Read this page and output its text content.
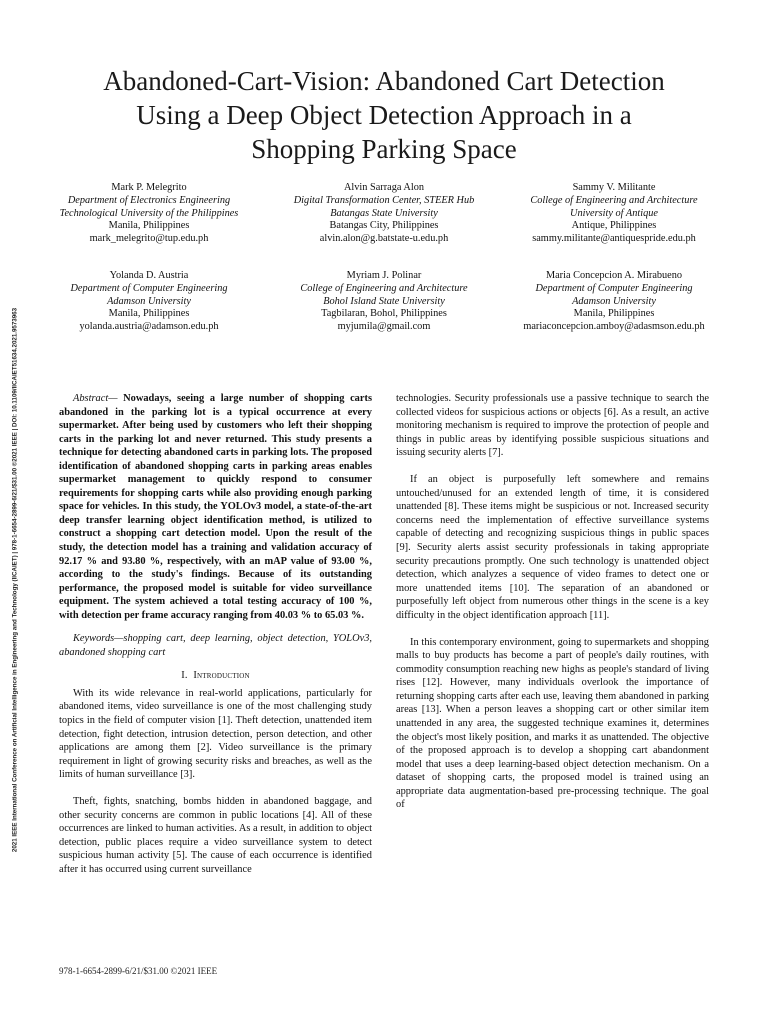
2021 IEEE International Conference on Artificial Intelligence in Engineering and Technology (IICAIET) | 978-1-6654-2899-6/21/$31.00 ©2021 IEEE | DOI: 10.1109/IICAIET51634.2021.9573963
Abandoned-Cart-Vision: Abandoned Cart Detection
Using a Deep Object Detection Approach in a
Shopping Parking Space
Mark P. Melegrito
Department of Electronics Engineering
Technological University of the Philippines
Manila, Philippines
mark_melegrito@tup.edu.ph
Alvin Sarraga Alon
Digital Transformation Center, STEER Hub
Batangas State University
Batangas City, Philippines
alvin.alon@g.batstate-u.edu.ph
Sammy V. Militante
College of Engineering and Architecture
University of Antique
Antique, Philippines
sammy.militante@antiquespride.edu.ph
Yolanda D. Austria
Department of Computer Engineering
Adamson University
Manila, Philippines
yolanda.austria@adamson.edu.ph
Myriam J. Polinar
College of Engineering and Architecture
Bohol Island State University
Tagbilaran, Bohol, Philippines
myjumila@gmail.com
Maria Concepcion A. Mirabueno
Department of Computer Engineering
Adamson University
Manila, Philippines
mariaconcepcion.amboy@adasmson.edu.ph

Abstract— Nowadays, seeing a large number of shopping carts abandoned in the parking lot is a typical occurrence at every supermarket. After being used by customers who left their shopping carts in the parking lot and never returned. This study presents a technique for detecting abandoned carts in parking lots. The proposed identification of abandoned shopping carts in parking areas enables supermarket management to quickly respond to consumer requirements for shopping carts while also providing enough parking space for vehicles. In this study, the YOLOv3 model, a state-of-the-art deep transfer learning object identification method, is utilized to construct a shopping cart detection model. Upon the result of the study, the detection model has a training and validation accuracy of 92.17 % and 93.80 %, respectively, with an mAP value of 93.00 %, according to the study's findings. Because of its outstanding performance, the proposed model is suitable for video surveillance equipment. The system achieved a total testing accuracy of 100 %, with detection per frame accuracy ranging from 40.03 % to 65.03 %.

Keywords—shopping cart, deep learning, object detection, YOLOv3, abandoned shopping cart

I. Introduction

With its wide relevance in real-world applications, particularly for abandoned items, video surveillance is one of the most challenging study topics in the field of computer vision [1]. Theft detection, unattended item detection, fight detection, intrusion detection, person detection, and other applications are among them [2]. Video surveillance is the primary requirement in light of growing security risks and breaches, as well as the limits of human surveillance [3].

Theft, fights, snatching, bombs hidden in abandoned baggage, and other security concerns are common in public locations [4]. All of these occurrences are linked to human activities. As a result, in addition to object detection, public places require a video surveillance system to detect suspicious human activity [5]. The cause of each occurrence is identified after it has occurred using current surveillance

technologies. Security professionals use a passive technique to search the collected videos for suspicious actions or objects [6]. As a result, an active monitoring mechanism is required to improve the protection of people and things in public areas by identifying possible suspicious situations and issuing security alerts [7].

If an object is purposefully left somewhere and remains untouched/unused for an extended length of time, it is considered unattended [8]. These items might be suspicious or not. Increased security concerns need the implementation of effective surveillance systems capable of detecting and recognizing suspicious things in public spaces [9]. Security alerts assist security professionals in taking appropriate security precautions promptly. One such technology is unattended object detection, which analyzes a sequence of video frames to detect one or more unattended items [10]. The separation of an abandoned or purposefully left object from numerous other things in the scene is a key difficulty in the object identification approach [11].

In this contemporary environment, going to supermarkets and shopping malls to buy products has become a part of people's daily routines, with commodity consumption reaching new highs as people's standard of living rises [12]. However, many individuals overlook the importance of returning shopping carts after each use, leaving them abandoned in parking areas [13]. When a person leaves a shopping cart or other similar item unattended in any area, the suggested technique examines it, determines the object's most likely position, and marks it as unattended. The objective of the proposed approach is to develop a shopping cart abandonment model that uses a deep learning-based object detection mechanism. On a dataset of shopping carts, the proposed model is trained using an appropriate data augmentation-based pre-processing technique. The goal of

978-1-6654-2899-6/21/$31.00 ©2021 IEEE
